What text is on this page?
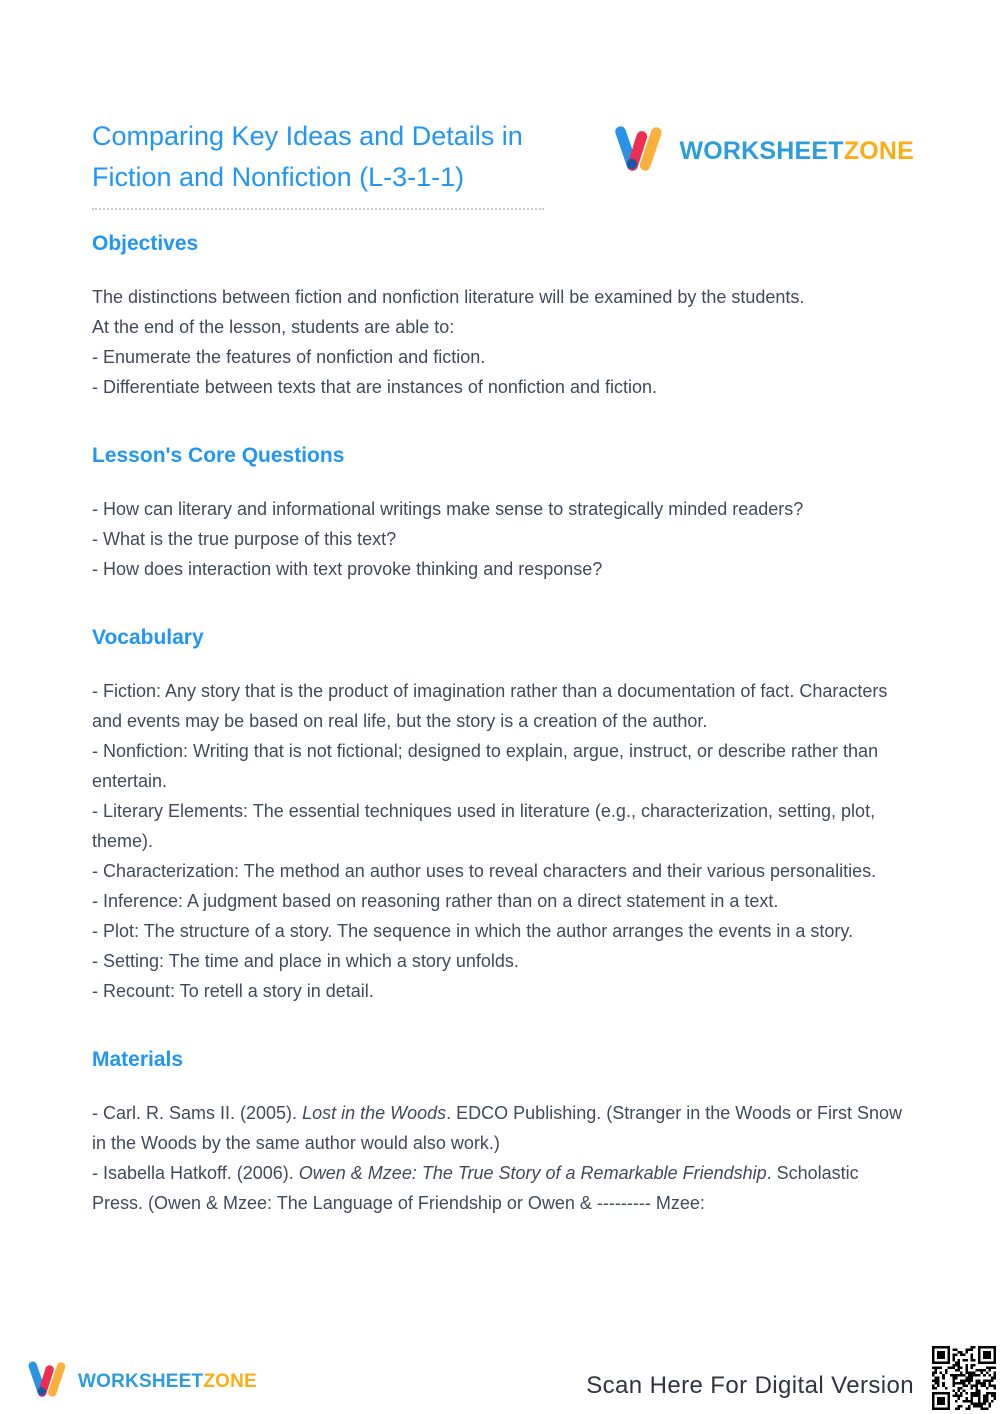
Comparing Key Ideas and Details in
Fiction and Nonfiction (L-3-1-1)
WORKSHEETZONE
Objectives

The distinctions between fiction and nonfiction literature will be examined by the students.

At the end of the lesson, students are able to:

- Enumerate the features of nonfiction and fiction.

- Differentiate between texts that are instances of nonfiction and fiction.

Lesson's Core Questions

- How can literary and informational writings make sense to strategically minded readers?

- What is the true purpose of this text?

- How does interaction with text provoke thinking and response?

Vocabulary

- Fiction: Any story that is the product of imagination rather than a documentation of fact. Characters and events may be based on real life, but the story is a creation of the author.

- Nonfiction: Writing that is not fictional; designed to explain, argue, instruct, or describe rather than entertain.

- Literary Elements: The essential techniques used in literature (e.g., characterization, setting, plot, theme).

- Characterization: The method an author uses to reveal characters and their various personalities.

- Inference: A judgment based on reasoning rather than on a direct statement in a text.

- Plot: The structure of a story. The sequence in which the author arranges the events in a story.

- Setting: The time and place in which a story unfolds.

- Recount: To retell a story in detail.

Materials

- Carl. R. Sams II. (2005). Lost in the Woods. EDCO Publishing. (Stranger in the Woods or First Snow in the Woods by the same author would also work.)

- Isabella Hatkoff. (2006). Owen & Mzee: The True Story of a Remarkable Friendship. Scholastic Press. (Owen & Mzee: The Language of Friendship or Owen & --------- Mzee:

WORKSHEETZONE	Scan Here For Digital Version
